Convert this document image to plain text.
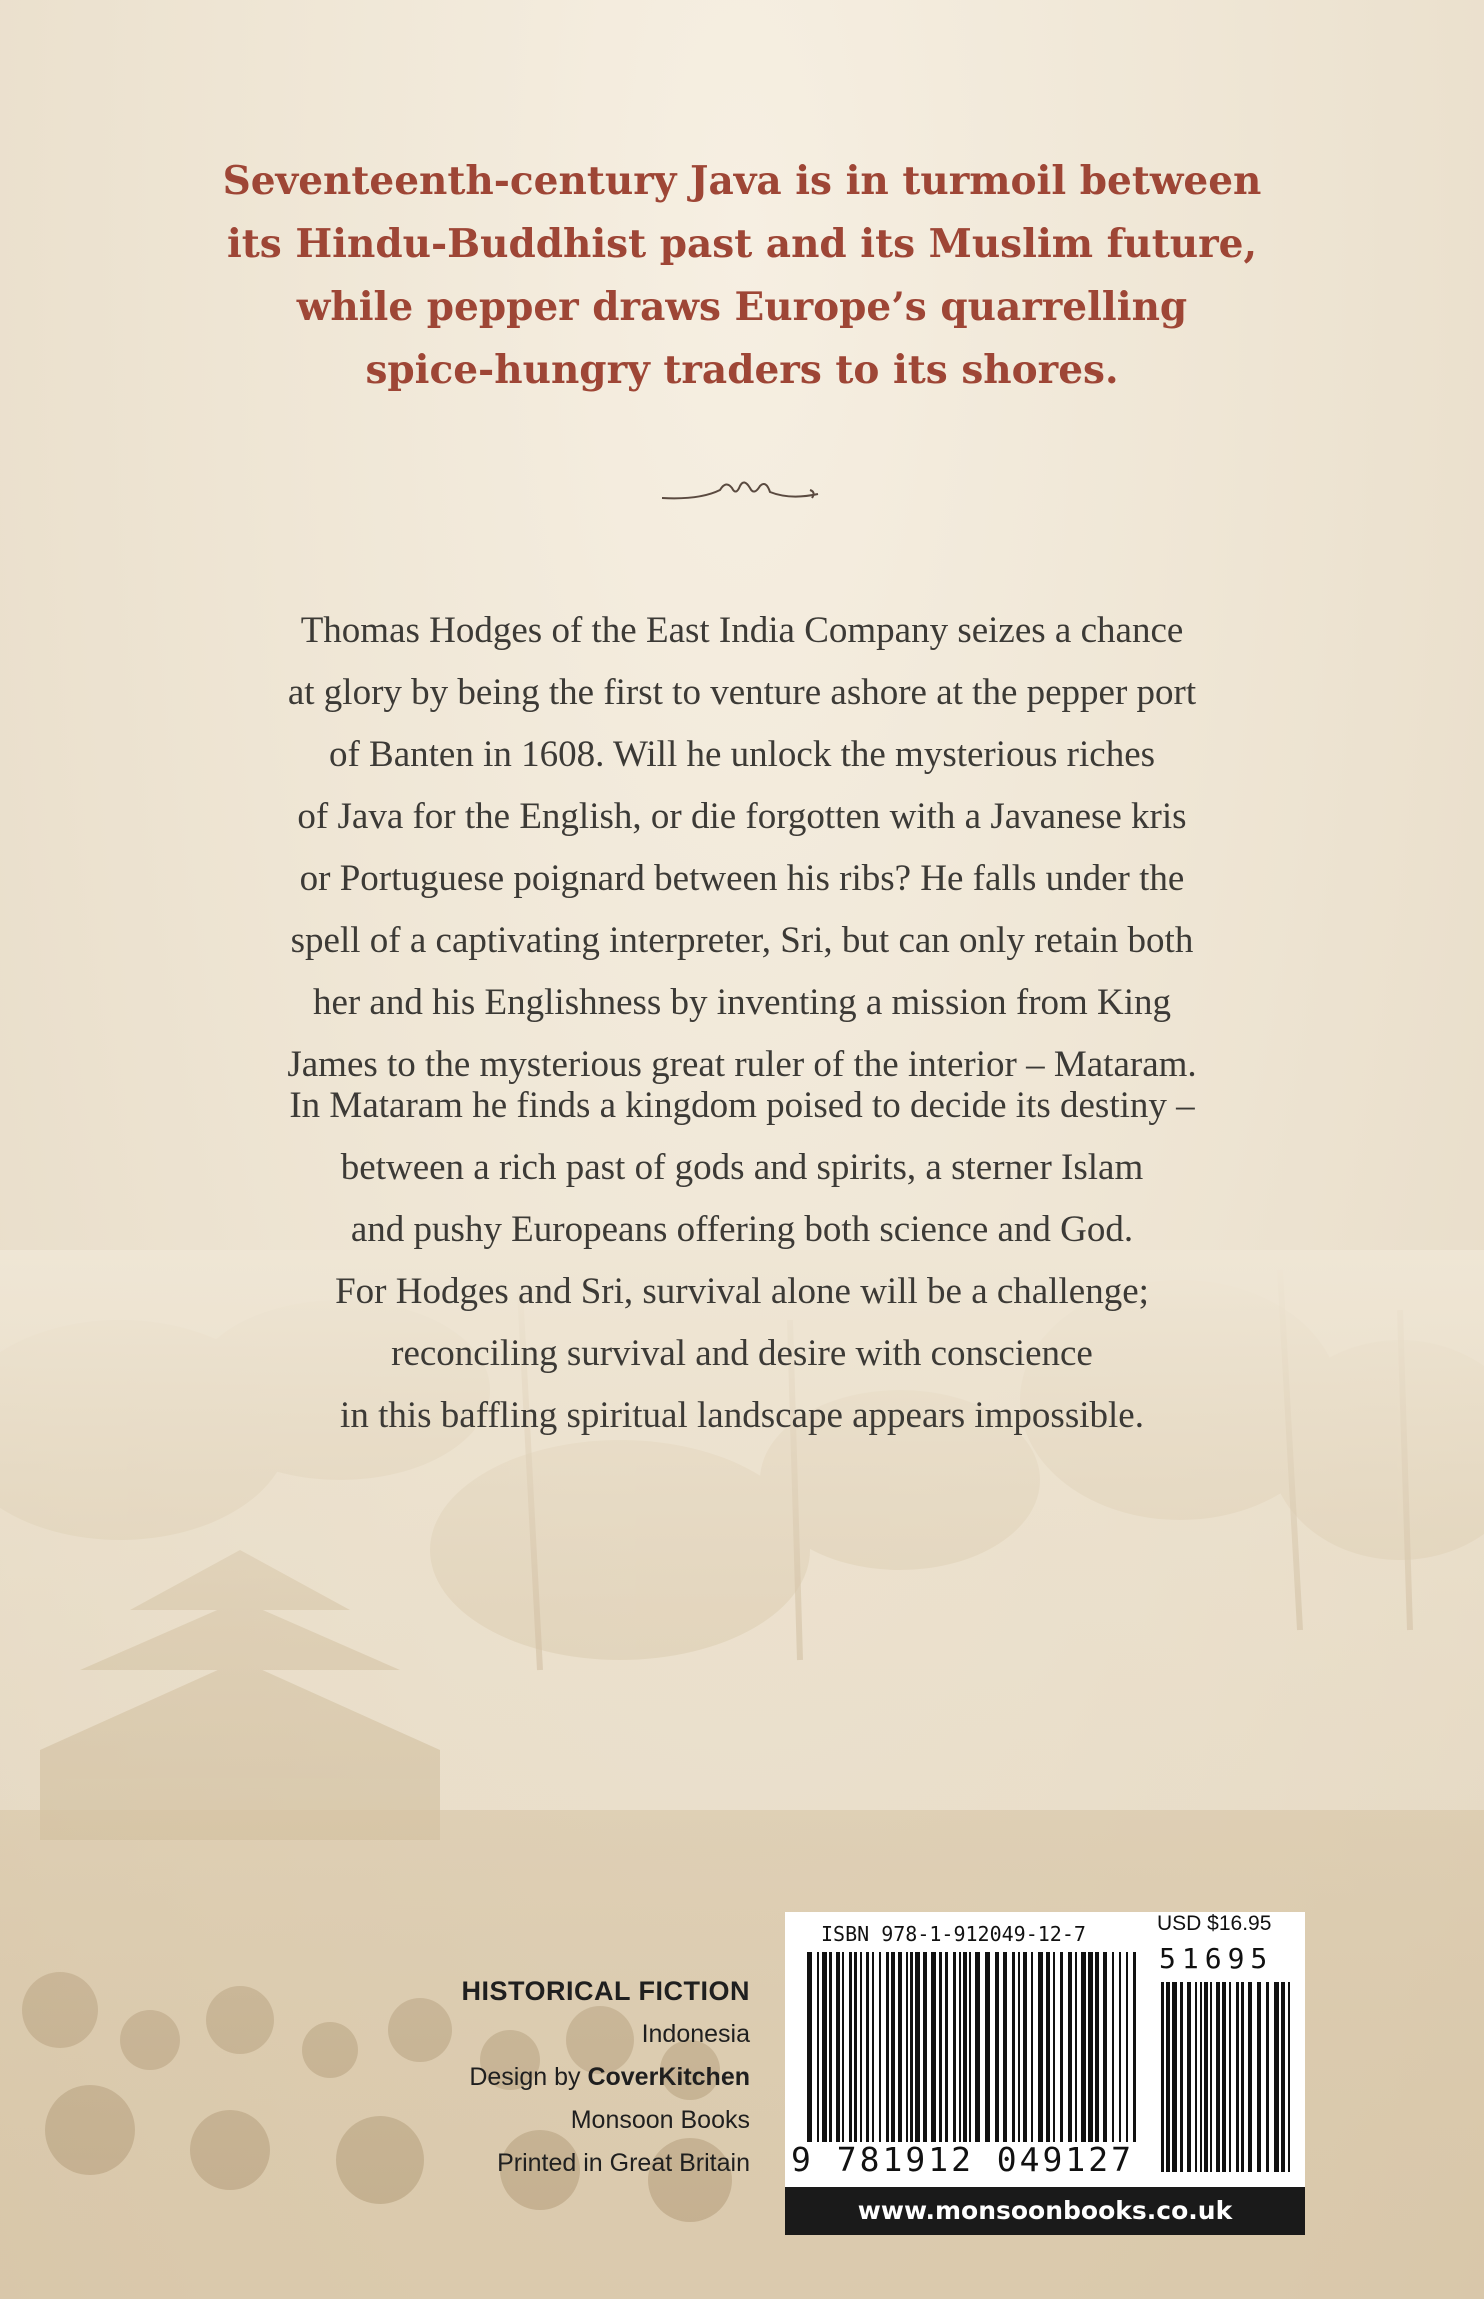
Seventeenth-century Java is in turmoil between
its Hindu-Buddhist past and its Muslim future,
while pepper draws Europe’s quarrelling
spice-hungry traders to its shores.

Thomas Hodges of the East India Company seizes a chance
at glory by being the first to venture ashore at the pepper port
of Banten in 1608. Will he unlock the mysterious riches
of Java for the English, or die forgotten with a Javanese kris
or Portuguese poignard between his ribs? He falls under the
spell of a captivating interpreter, Sri, but can only retain both
her and his Englishness by inventing a mission from King
James to the mysterious great ruler of the interior – Mataram.

In Mataram he finds a kingdom poised to decide its destiny –
between a rich past of gods and spirits, a sterner Islam
and pushy Europeans offering both science and God.
For Hodges and Sri, survival alone will be a challenge;
reconciling survival and desire with conscience
in this baffling spiritual landscape appears impossible.

HISTORICAL FICTION
Indonesia
Design by CoverKitchen
Monsoon Books
Printed in Great Britain
ISBN 978-1-912049-12-7	USD $16.95
51695
9 781912 049127
www.monsoonbooks.co.uk
